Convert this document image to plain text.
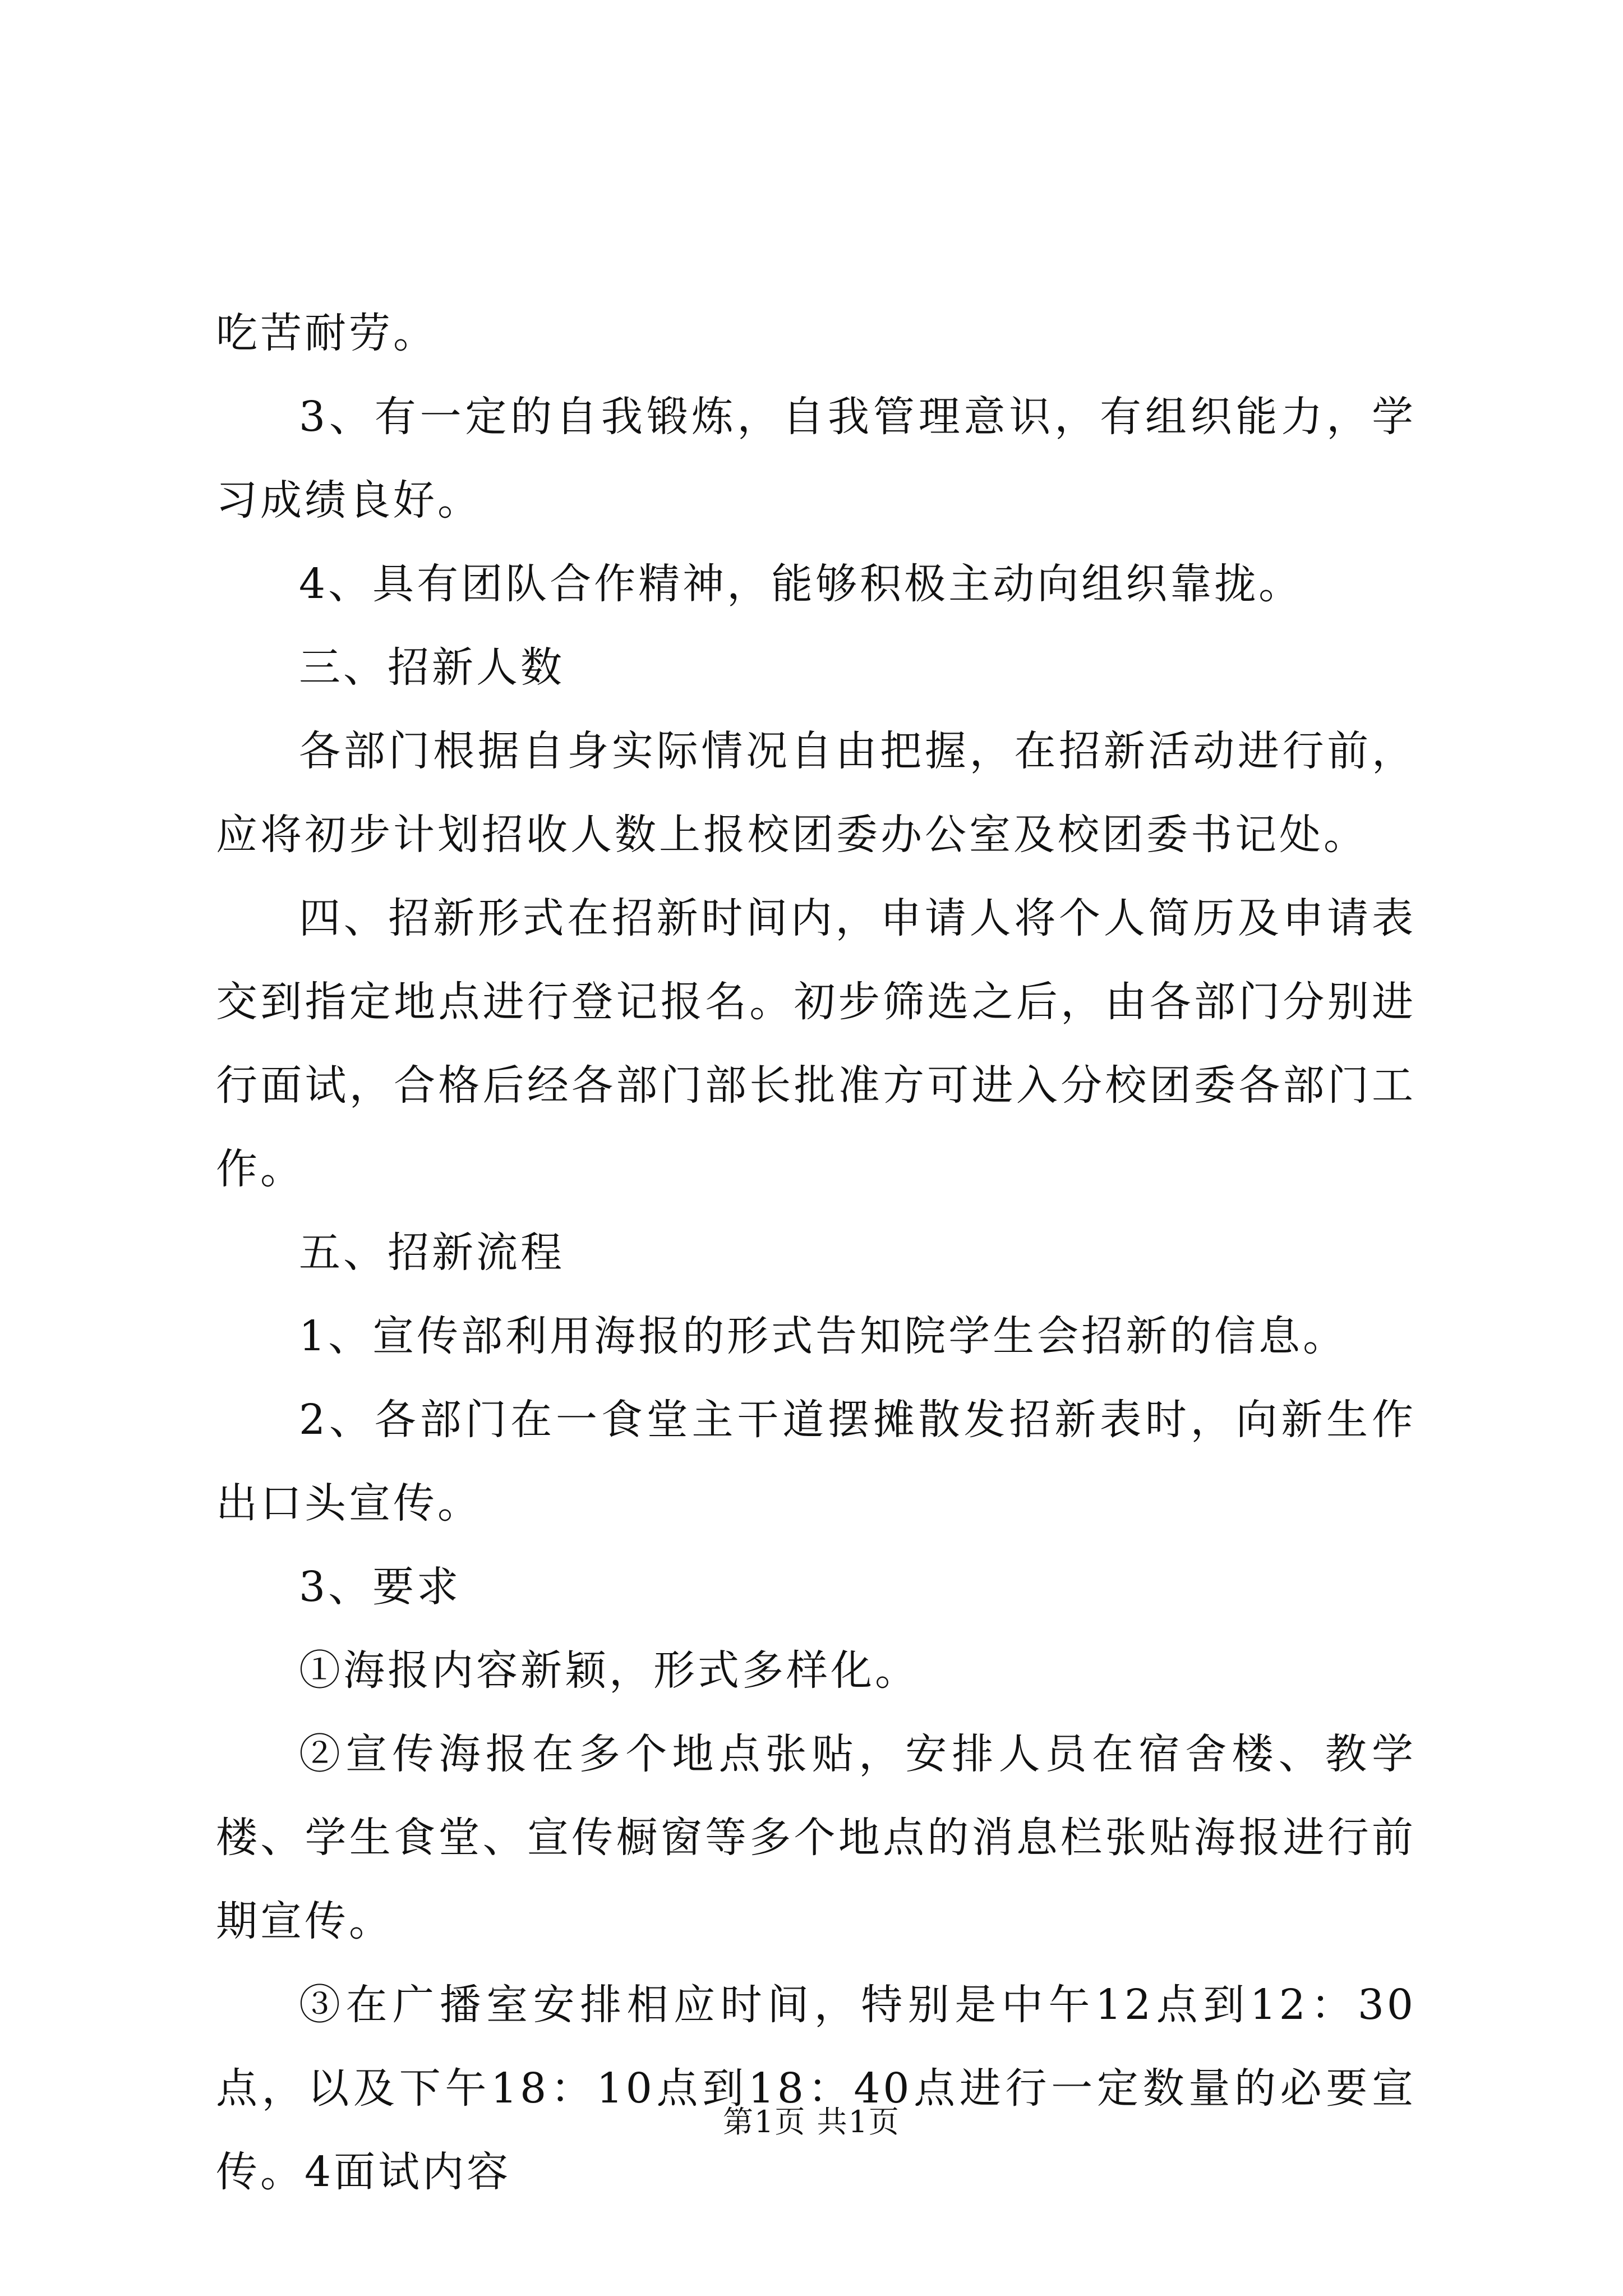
吃苦耐劳。

3、有一定的自我锻炼，自我管理意识，有组织能力，学习成绩良好。

4、具有团队合作精神，能够积极主动向组织靠拢。

三、招新人数

各部门根据自身实际情况自由把握，在招新活动进行前，应将初步计划招收人数上报校团委办公室及校团委书记处。

四、招新形式在招新时间内，申请人将个人简历及申请表交到指定地点进行登记报名。初步筛选之后，由各部门分别进行面试，合格后经各部门部长批准方可进入分校团委各部门工作。

五、招新流程

1、宣传部利用海报的形式告知院学生会招新的信息。

2、各部门在一食堂主干道摆摊散发招新表时，向新生作出口头宣传。

3、要求

①海报内容新颖，形式多样化。

②宣传海报在多个地点张贴，安排人员在宿舍楼、教学楼、学生食堂、宣传橱窗等多个地点的消息栏张贴海报进行前期宣传。

③在广播室安排相应时间，特别是中午12点到12：30点，以及下午18：10点到18：40点进行一定数量的必要宣传。4面试内容

第1页 共1页
